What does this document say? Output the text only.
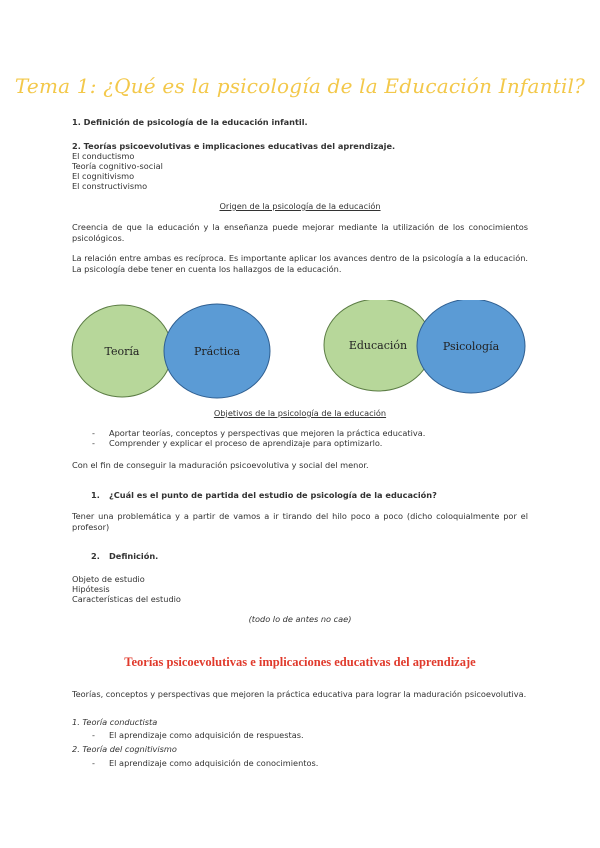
Tema 1: ¿Qué es la psicología de la Educación Infantil?
1. Definición de psicología de la educación infantil.
2. Teorías psicoevolutivas e implicaciones educativas del aprendizaje.
El conductismo
Teoría cognitivo-social
El cognitivismo
El constructivismo
Origen de la psicología de la educación
Creencia de que la educación y la enseñanza puede mejorar mediante la utilización de los conocimientos psicológicos.
La relación entre ambas es recíproca. Es importante aplicar los avances dentro de la psicología a la educación. La psicología debe tener en cuenta los hallazgos de la educación.
Teoría	Práctica	Educación	Psicología
Objetivos de la psicología de la educación
- Aportar teorías, conceptos y perspectivas que mejoren la práctica educativa.
- Comprender y explicar el proceso de aprendizaje para optimizarlo.
Con el fin de conseguir la maduración psicoevolutiva y social del menor.
1. ¿Cuál es el punto de partida del estudio de psicología de la educación?
Tener una problemática y a partir de vamos a ir tirando del hilo poco a poco (dicho coloquialmente por el profesor)
2. Definición.
Objeto de estudio
Hipótesis
Características del estudio
(todo lo de antes no cae)
Teorías psicoevolutivas e implicaciones educativas del aprendizaje
Teorías, conceptos y perspectivas que mejoren la práctica educativa para lograr la maduración psicoevolutiva.
1. Teoría conductista
- El aprendizaje como adquisición de respuestas.
2. Teoría del cognitivismo
- El aprendizaje como adquisición de conocimientos.
